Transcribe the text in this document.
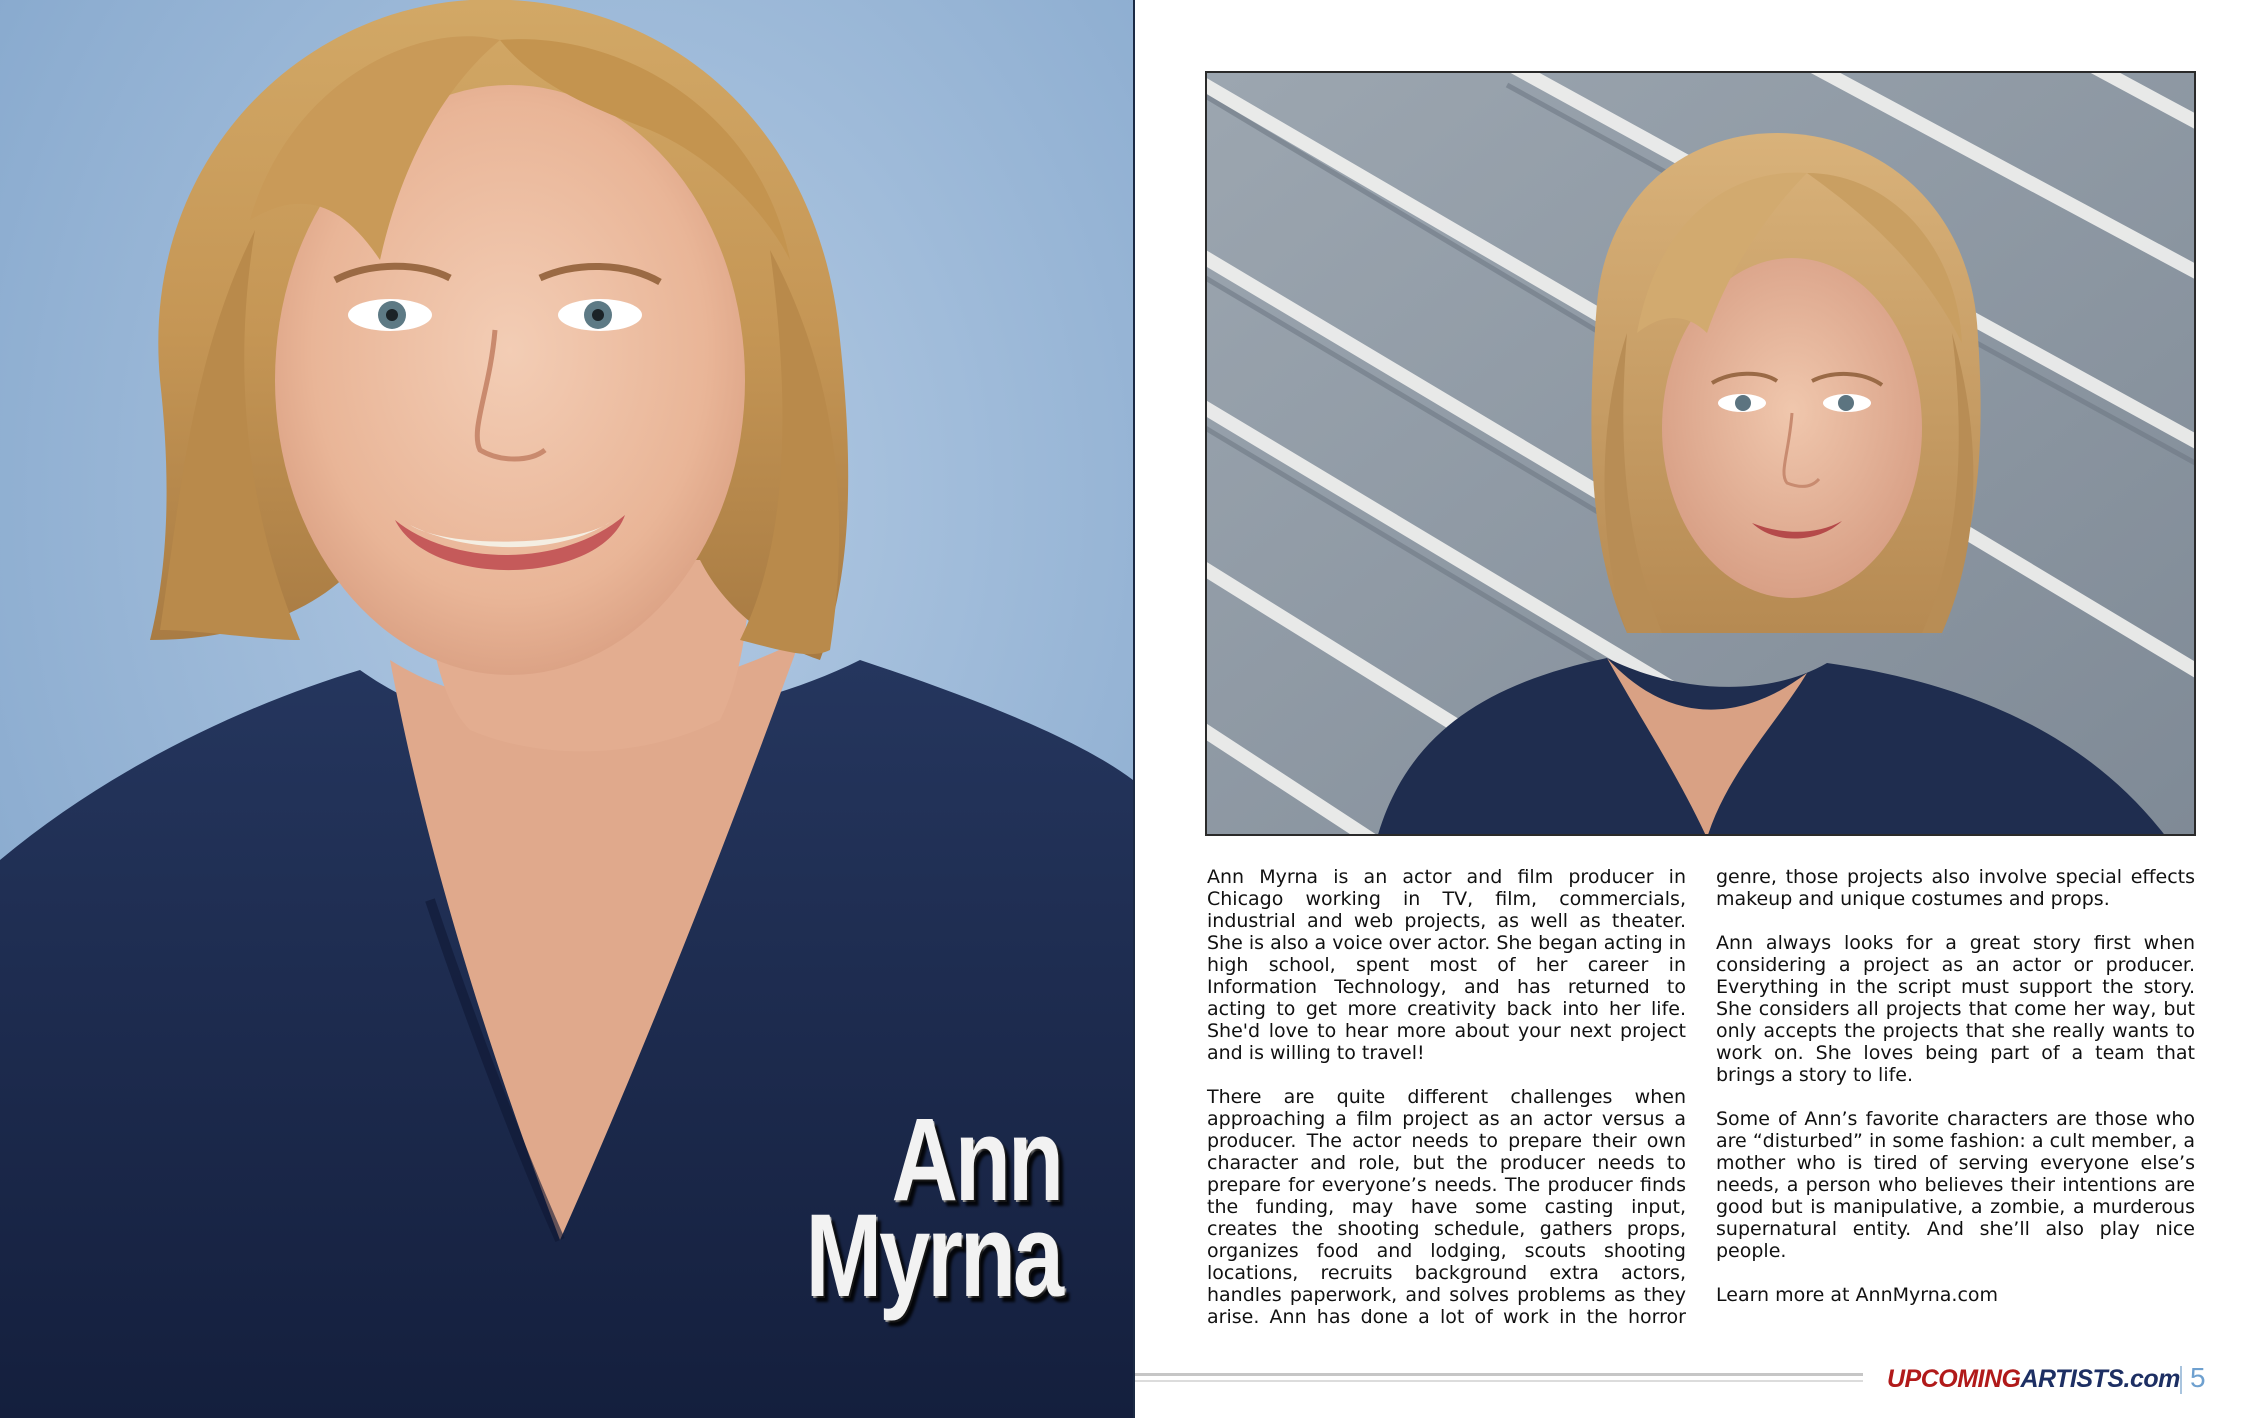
Ann
Myrna

Ann Myrna is an actor and film producer in Chicago working in TV, film, commercials, industrial and web projects, as well as theater. She is also a voice over actor. She began acting in high school, spent most of her career in Information Technology, and has returned to acting to get more creativity back into her life. She'd love to hear more about your next project and is willing to travel!

There are quite different challenges when approaching a film project as an actor versus a producer. The actor needs to prepare their own character and role, but the producer needs to prepare for everyone’s needs. The producer finds the funding, may have some casting input, creates the shooting schedule, gathers props, organizes food and lodging, scouts shooting locations, recruits background extra actors, handles paperwork, and solves problems as they arise. Ann has done a lot of work in the horror genre, those projects also involve special effects makeup and unique costumes and props.

Ann always looks for a great story first when considering a project as an actor or producer. Everything in the script must support the story. She considers all projects that come her way, but only accepts the projects that she really wants to work on. She loves being part of a team that brings a story to life.

Some of Ann’s favorite characters are those who are “disturbed” in some fashion: a cult member, a mother who is tired of serving everyone else’s needs, a person who believes their intentions are good but is manipulative, a zombie, a murderous supernatural entity. And she’ll also play nice people.

Learn more at AnnMyrna.com

UPCOMINGARTISTS.com 5
